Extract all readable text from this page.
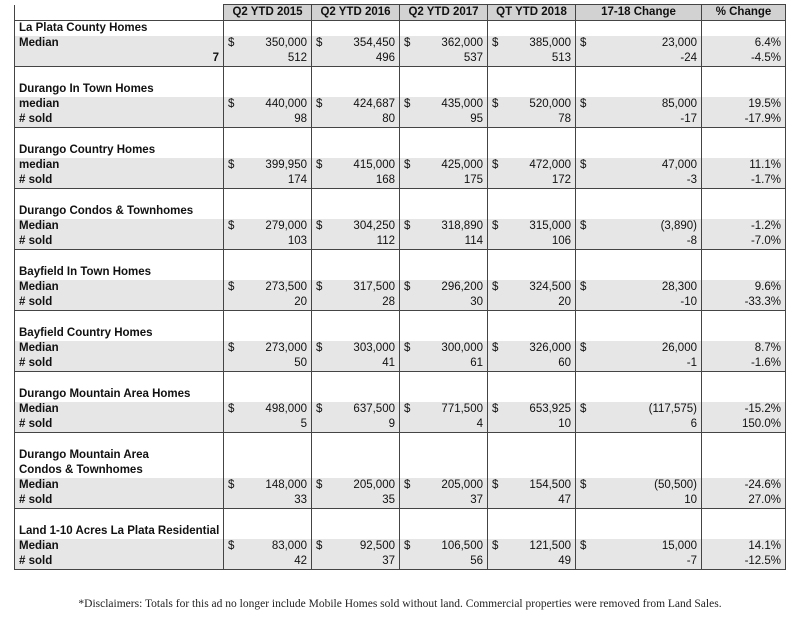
	Q2 YTD 2015	Q2 YTD 2016	Q2 YTD 2017	QT YTD 2018	17-18 Change	% Change
La Plata County Homes						
Median	$ 350,000	$ 354,450	$ 362,000	$ 385,000	$ 23,000	6.4%
7	512	496	537	513	-24	-4.5%

Durango In Town Homes						
median	$ 440,000	$ 424,687	$ 435,000	$ 520,000	$ 85,000	19.5%
# sold	98	80	95	78	-17	-17.9%

Durango Country Homes						
median	$ 399,950	$ 415,000	$ 425,000	$ 472,000	$ 47,000	11.1%
# sold	174	168	175	172	-3	-1.7%

Durango Condos & Townhomes						
Median	$ 279,000	$ 304,250	$ 318,890	$ 315,000	$ (3,890)	-1.2%
# sold	103	112	114	106	-8	-7.0%

Bayfield In Town Homes						
Median	$ 273,500	$ 317,500	$ 296,200	$ 324,500	$ 28,300	9.6%
# sold	20	28	30	20	-10	-33.3%

Bayfield Country Homes						
Median	$ 273,000	$ 303,000	$ 300,000	$ 326,000	$ 26,000	8.7%
# sold	50	41	61	60	-1	-1.6%

Durango Mountain Area Homes						
Median	$ 498,000	$ 637,500	$ 771,500	$ 653,925	$ (117,575)	-15.2%
# sold	5	9	4	10	6	150.0%

Durango Mountain Area						
Condos & Townhomes						
Median	$ 148,000	$ 205,000	$ 205,000	$ 154,500	$ (50,500)	-24.6%
# sold	33	35	37	47	10	27.0%

Land 1-10 Acres La Plata Residential						
Median	$ 83,000	$ 92,500	$ 106,500	$ 121,500	$ 15,000	14.1%
# sold	42	37	56	49	-7	-12.5%
*Disclaimers: Totals for this ad no longer include Mobile Homes sold without land. Commercial properties were removed from Land Sales.
